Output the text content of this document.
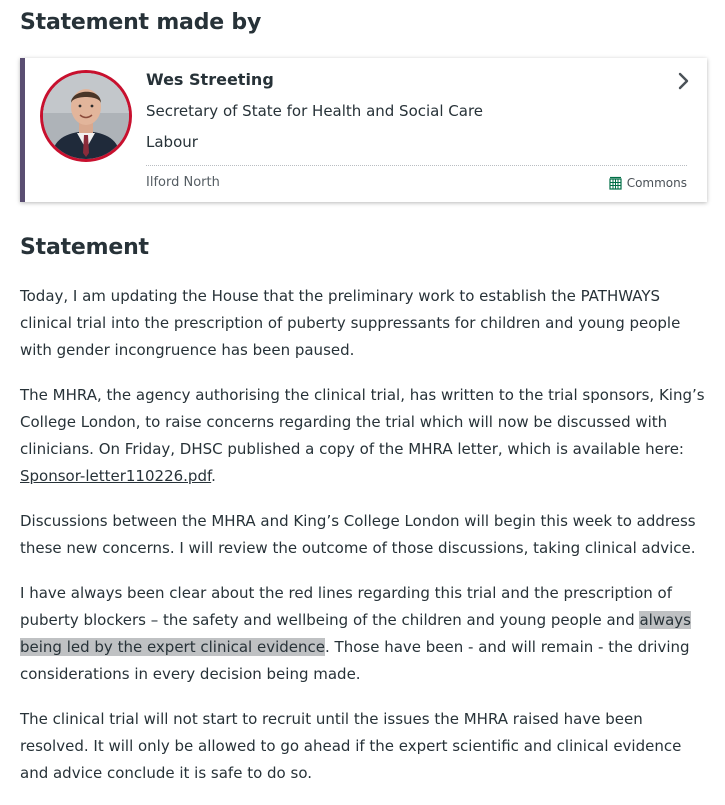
Statement made by
Wes Streeting
Secretary of State for Health and Social Care
Labour
Ilford North	Commons
Statement

Today, I am updating the House that the preliminary work to establish the PATHWAYS clinical trial into the prescription of puberty suppressants for children and young people with gender incongruence has been paused.

The MHRA, the agency authorising the clinical trial, has written to the trial sponsors, King’s College London, to raise concerns regarding the trial which will now be discussed with clinicians. On Friday, DHSC published a copy of the MHRA letter, which is available here: Sponsor-letter110226.pdf.

Discussions between the MHRA and King’s College London will begin this week to address these new concerns. I will review the outcome of those discussions, taking clinical advice.

I have always been clear about the red lines regarding this trial and the prescription of puberty blockers – the safety and wellbeing of the children and young people and always being led by the expert clinical evidence. Those have been - and will remain - the driving considerations in every decision being made.

The clinical trial will not start to recruit until the issues the MHRA raised have been resolved. It will only be allowed to go ahead if the expert scientific and clinical evidence and advice conclude it is safe to do so.
